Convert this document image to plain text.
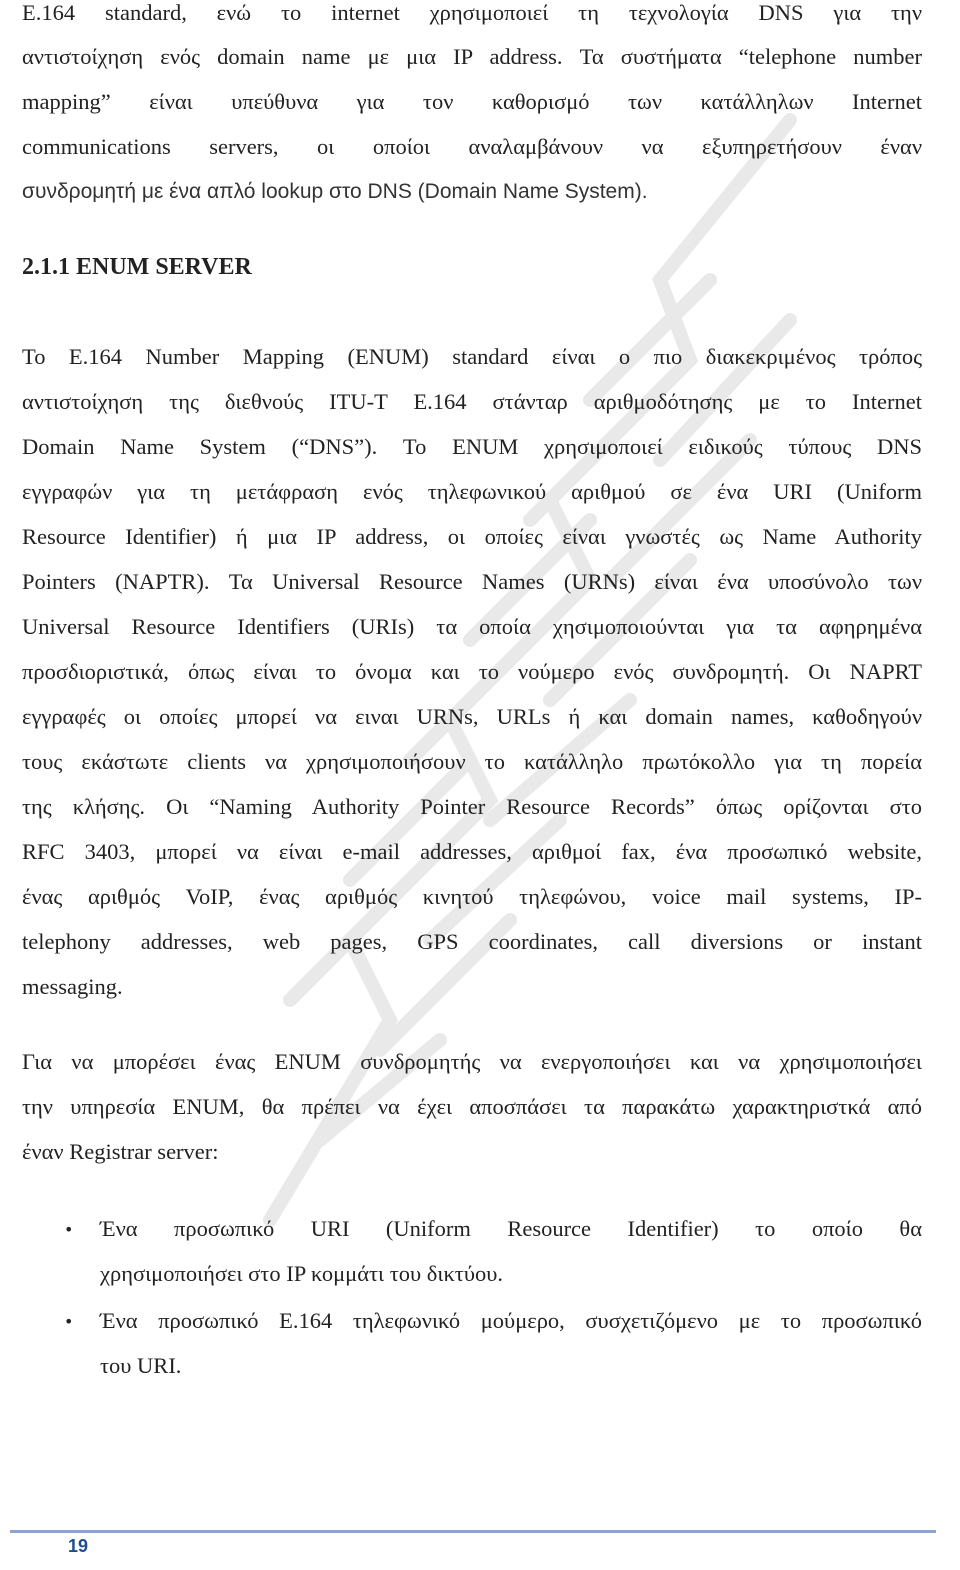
E.164 standard, ενώ το internet χρησιμοποιεί τη τεχνολογία DNS για την
αντιστοίχηση ενός domain name με μια IP address. Τα συστήματα “telephone number
mapping” είναι υπεύθυνα για τον καθορισμό των κατάλληλων Internet
communications servers, οι οποίοι αναλαμβάνουν να εξυπηρετήσουν έναν
συνδρομητή με ένα απλό lookup στο DNS (Domain Name System).
2.1.1 ENUM SERVER
Το E.164 Number Mapping (ENUM) standard είναι ο πιο διακεκριμένος τρόπος
αντιστοίχηση της διεθνούς ITU-T E.164 στάνταρ αριθμοδότησης με το Internet
Domain Name System (“DNS”). Το ENUM χρησιμοποιεί ειδικούς τύπους DNS
εγγραφών για τη μετάφραση ενός τηλεφωνικού αριθμού σε ένα URI (Uniform
Resource Identifier) ή μια IP address, οι οποίες είναι γνωστές ως Name Authority
Pointers (NAPTR). Τα Universal Resource Names (URNs) είναι ένα υποσύνολο των
Universal Resource Identifiers (URIs) τα οποία χησιμοποιούνται για τα αφηρημένα
προσδιοριστικά, όπως είναι το όνομα και το νούμερο ενός συνδρομητή. Οι NAPRT
εγγραφές οι οποίες μπορεί να ειναι URNs, URLs ή και domain names, καθοδηγούν
τους εκάστωτε clients να χρησιμοποιήσουν το κατάλληλο πρωτόκολλο για τη πορεία
της κλήσης. Οι “Naming Authority Pointer Resource Records” όπως ορίζονται στο
RFC 3403, μπορεί να είναι e-mail addresses, αριθμοί fax, ένα προσωπικό website,
ένας αριθμός VoIP, ένας αριθμός κινητού τηλεφώνου, voice mail systems, IP-
telephony addresses, web pages, GPS coordinates, call diversions or instant
messaging.
Για να μπορέσει ένας ENUM συνδρομητής να ενεργοποιήσει και να χρησιμοποιήσει
την υπηρεσία ENUM, θα πρέπει να έχει αποσπάσει τα παρακάτω χαρακτηριστκά από
έναν Registrar server:
• Ένα προσωπικό URI (Uniform Resource Identifier) το οποίο θα
χρησιμοποιήσει στο IP κομμάτι του δικτύου.
• Ένα προσωπικό E.164 τηλεφωνικό μούμερο, συσχετιζόμενο με το προσωπικό
του URI.
19
